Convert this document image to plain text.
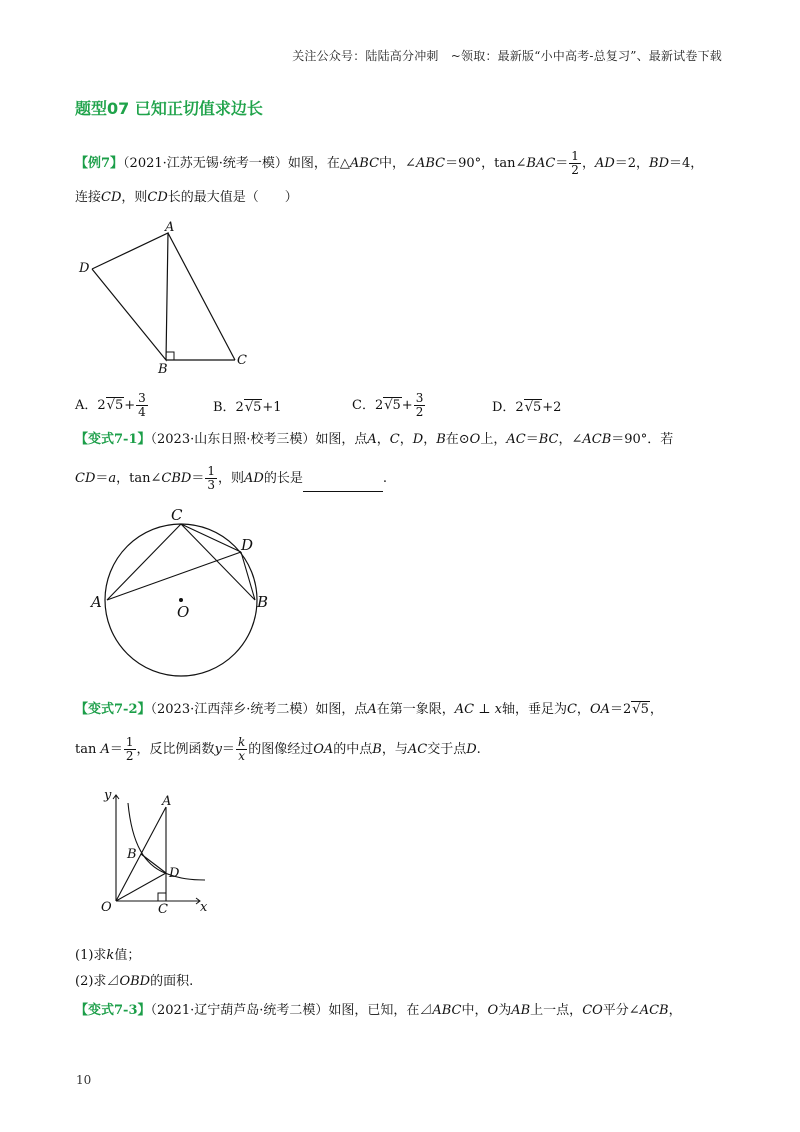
关注公众号：陆陆高分冲刺　~领取：最新版“小中高考-总复习”、最新试卷下载
题型07 已知正切值求边长
【例7】（2021·江苏无锡·统考一模）如图，在△ABC中，∠ABC＝90°，tan∠BAC＝ $\frac{1}{2}$ ，AD＝2，BD＝4，
连接CD，则CD长的最大值是（　　）
A
D
B
C
A．$2√5+ \frac{3}{4}$	B．2√5+1	C．$2√5+ \frac{3}{2}$	D．2√5+2
【变式7-1】（2023·山东日照·校考三模）如图，点A，C，D，B在⊙O上，AC＝BC，∠ACB＝90°．若
CD＝a，tan∠CBD＝ $\frac{1}{3}$ ，则AD的长是	.
C
D
A	B
O
【变式7-2】（2023·江西萍乡·统考二模）如图，点A在第一象限，AC ⊥ x轴，垂足为C，OA＝2√5，
$\tan A= \frac{1}{2}$ ，反比例函数$y= \frac{k}{x}$ 的图像经过OA的中点B，与AC交于点D.
y	A
B
D
O	C x
(1)求k值；
(2)求⊿OBD的面积.
【变式7-3】（2021·辽宁葫芦岛·统考二模）如图，已知，在⊿ABC中，O为AB上一点，CO平分∠ACB，
10
